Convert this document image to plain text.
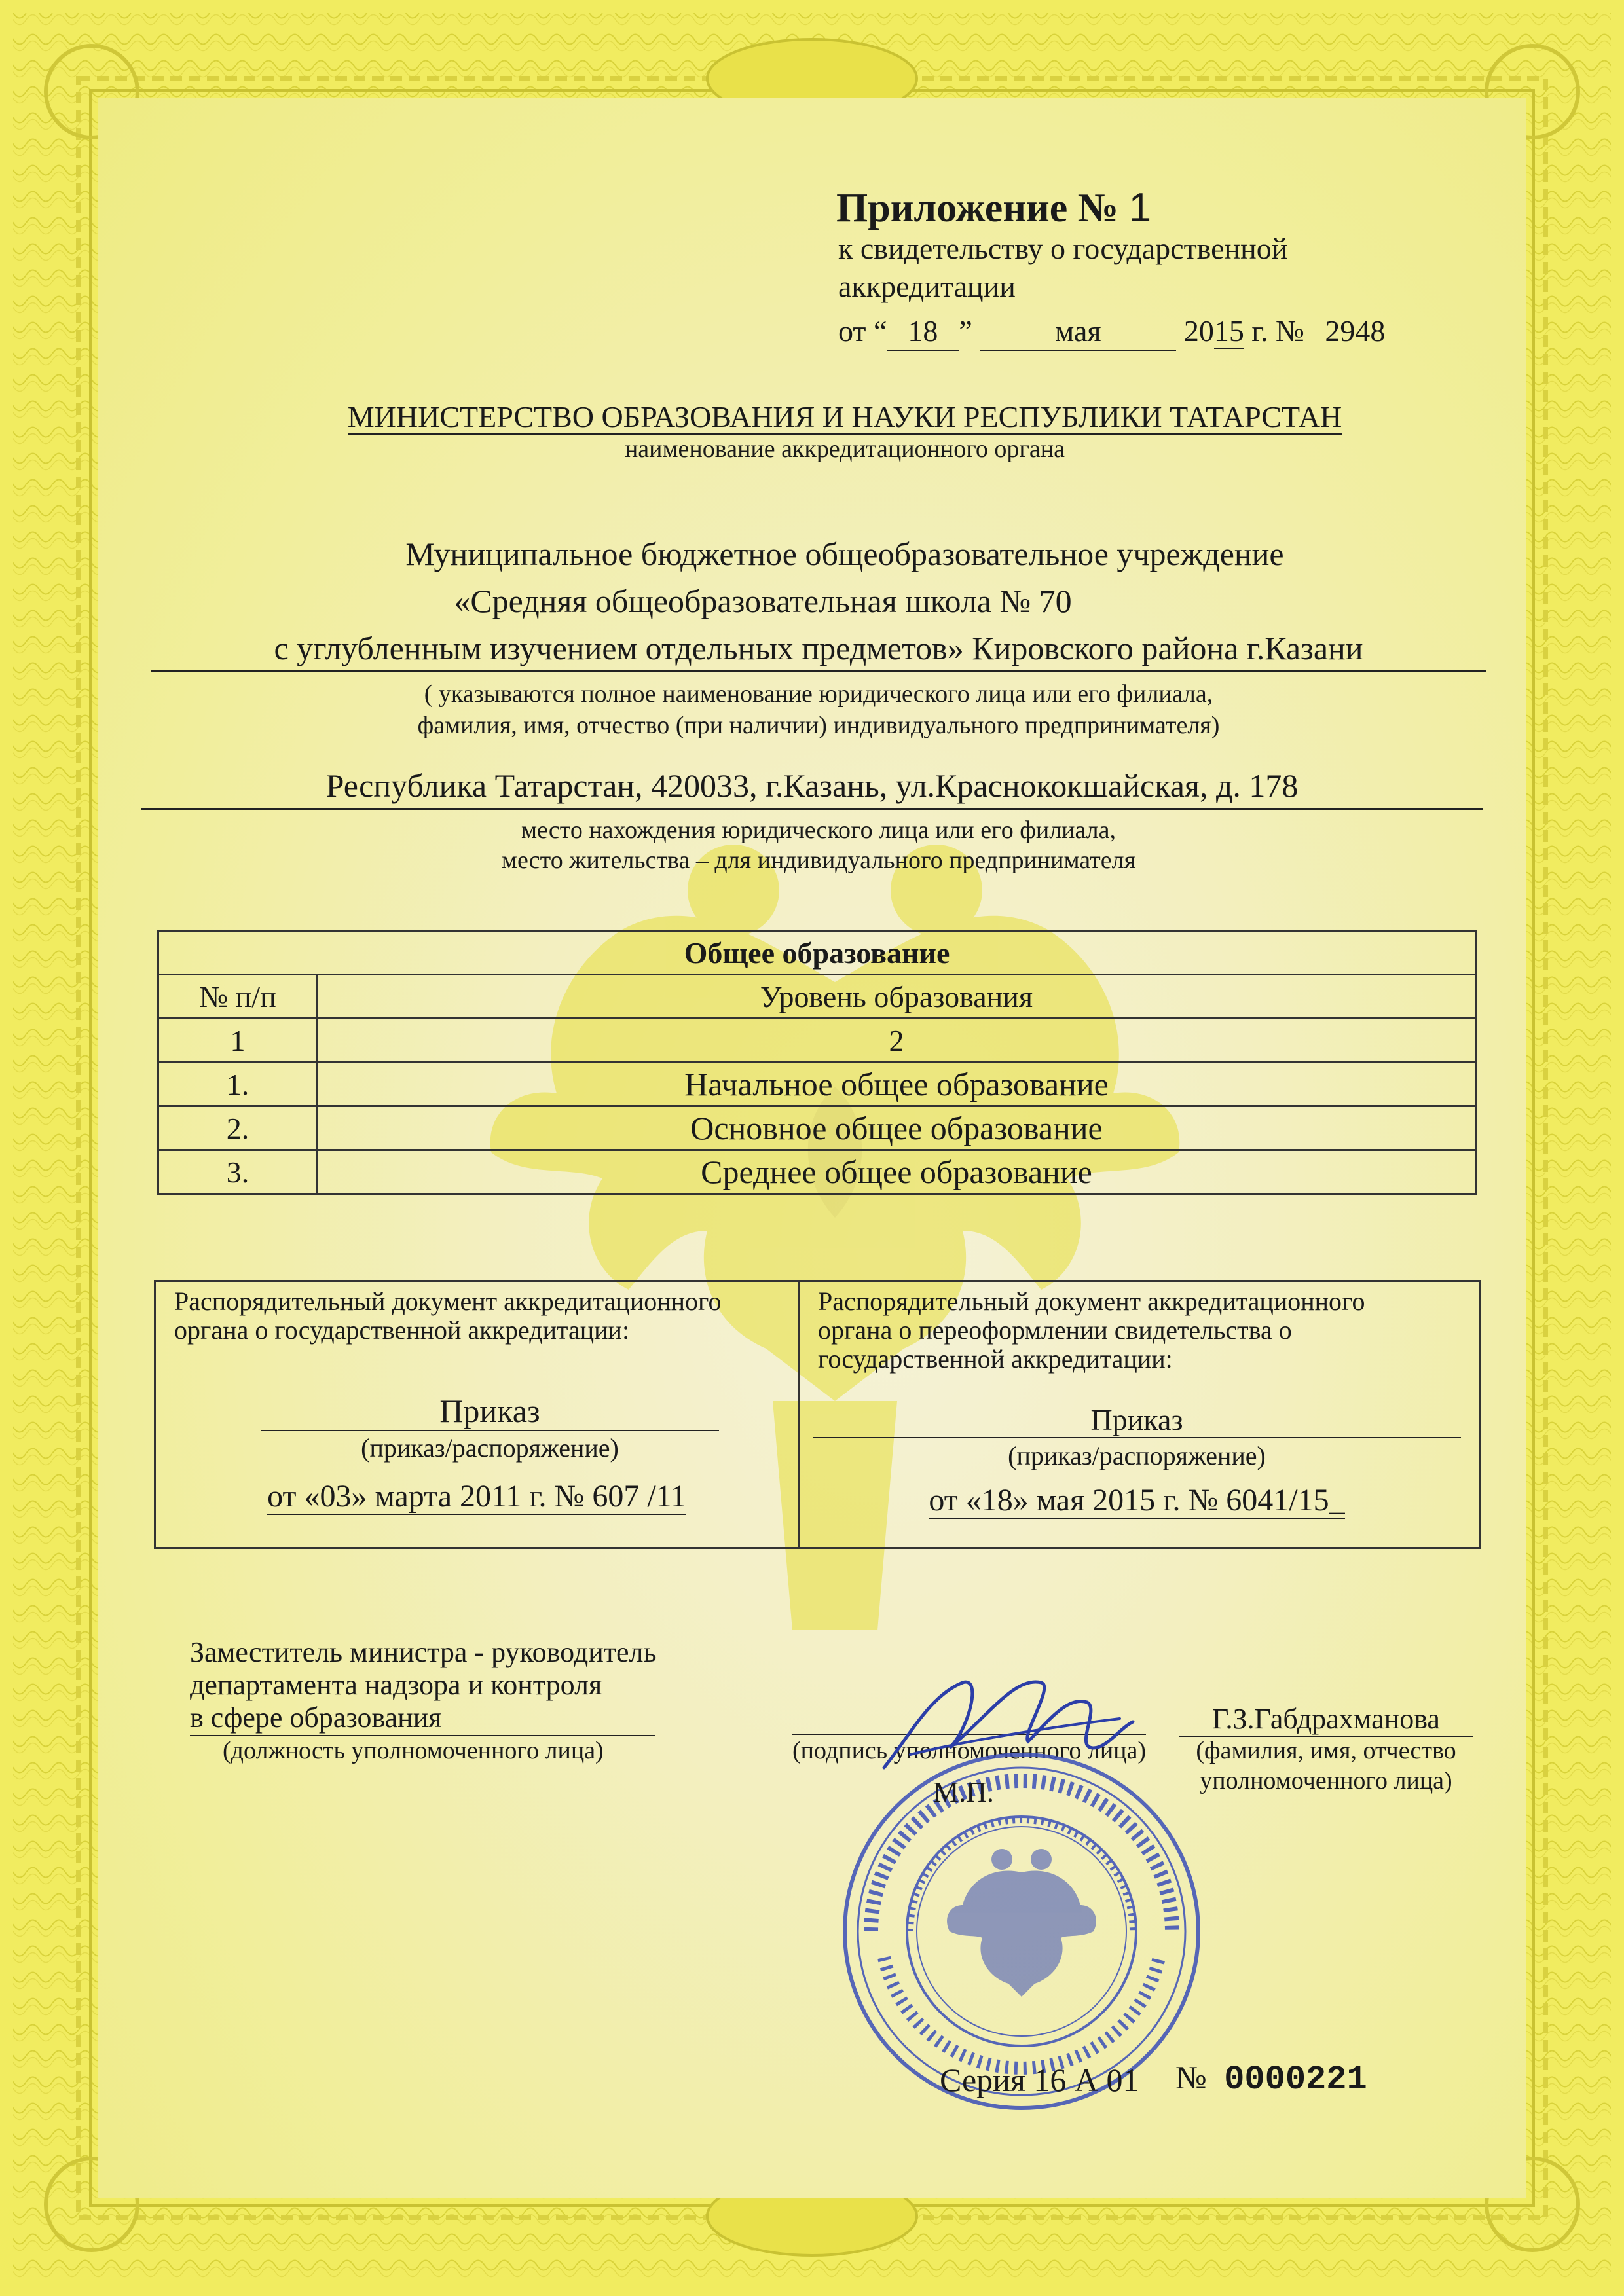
Приложение № 1
к свидетельству о государственной
аккредитации
от “ 18 ”	мая	2015 г. № 2948
МИНИСТЕРСТВО ОБРАЗОВАНИЯ И НАУКИ РЕСПУБЛИКИ ТАТАРСТАН
наименование аккредитационного органа
Муниципальное бюджетное общеобразовательное учреждение
«Средняя общеобразовательная школа № 70
с углубленным изучением отдельных предметов» Кировского района г.Казани
( указываются полное наименование юридического лица или его филиала,
фамилия, имя, отчество (при наличии) индивидуального предпринимателя)
Республика Татарстан, 420033, г.Казань, ул.Краснококшайская, д. 178
место нахождения юридического лица или его филиала,
место жительства – для индивидуального предпринимателя
Общее образование	
№ п/п	Уровень образования
1	2
1.	Начальное общее образование
2.	Основное общее образование
3.	Среднее общее образование
Распорядительный документ аккредитационного
органа о государственной аккредитации:
Приказ
(приказ/распоряжение)
от «03» марта 2011 г. № 607 /11
Распорядительный документ аккредитационного
органа о переоформлении свидетельства о
государственной аккредитации:
Приказ
(приказ/распоряжение)
от «18» мая 2015 г. № 6041/15_
Заместитель министра - руководитель
департамента надзора и контроля
в сфере образования
(должность уполномоченного лица)	(подпись уполномоченного лица)
Г.З.Габдрахманова
(фамилия, имя, отчество
уполномоченного лица)
М.П.
Серия 16 А 01 № 0000221
